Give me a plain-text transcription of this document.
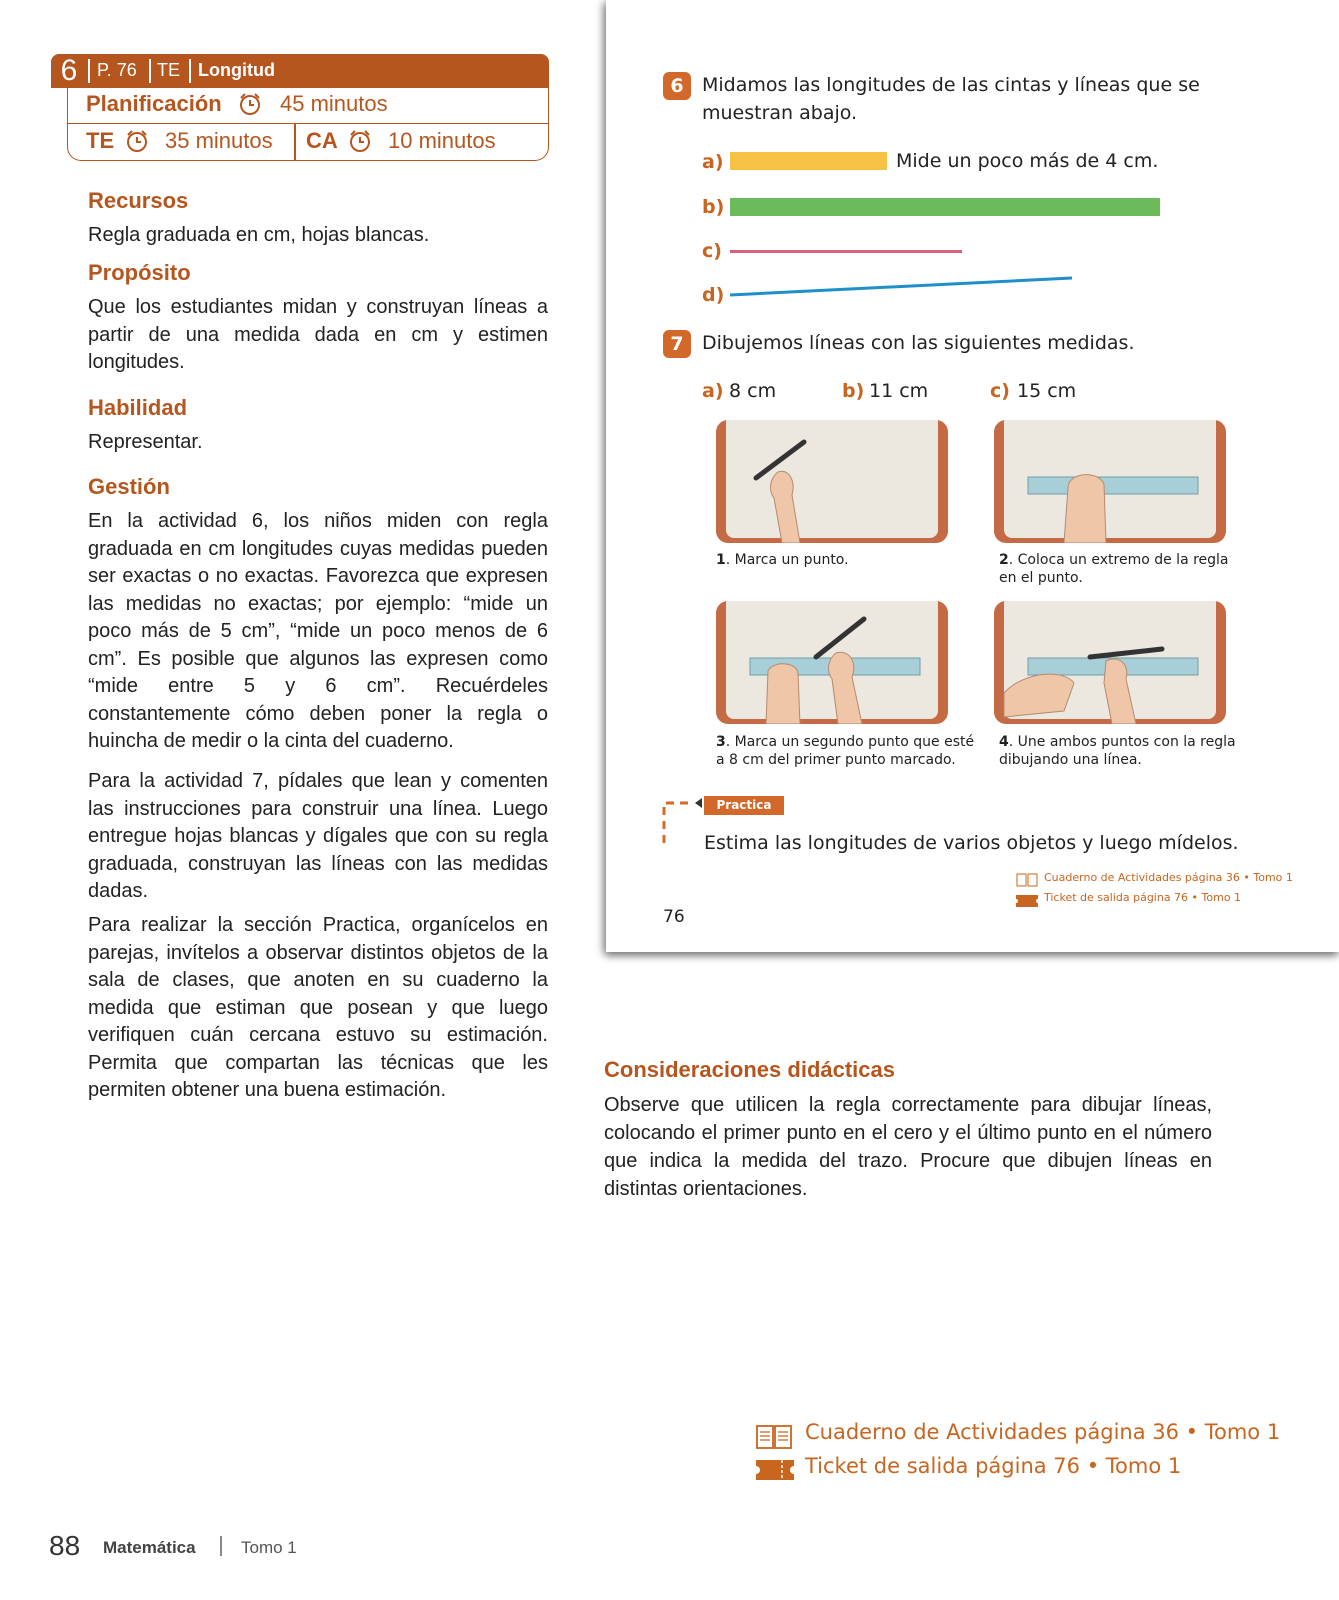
6	P. 76 TE Longitud
Planificación	45 minutos
TE 35 minutos CA 10 minutos
Recursos
Regla graduada en cm, hojas blancas.
Propósito
Que los estudiantes midan y construyan líneas a partir de una medida dada en cm y estimen longitudes.
Habilidad
Representar.
Gestión
En la actividad 6, los niños miden con regla graduada en cm longitudes cuyas medidas pueden ser exactas o no exactas. Favorezca que expresen las medidas no exactas; por ejemplo: “mide un poco más de 5 cm”, “mide un poco menos de 6 cm”. Es posible que algunos las expresen como “mide entre 5 y 6 cm”. Recuérdeles constantemente cómo deben poner la regla o huincha de medir o la cinta del cuaderno.
Para la actividad 7, pídales que lean y comenten las instrucciones para construir una línea. Luego entregue hojas blancas y dígales que con su regla graduada, construyan las líneas con las medidas dadas.
Para realizar la sección Practica, organícelos en parejas, invítelos a observar distintos objetos de la sala de clases, que anoten en su cuaderno la medida que estiman que posean y que luego verifiquen cuán cercana estuvo su estimación. Permita que compartan las técnicas que les permiten obtener una buena estimación.
6 Midamos las longitudes de las cintas y líneas que se
muestran abajo.
a)	Mide un poco más de 4 cm.
b)
c)
d)
7 Dibujemos líneas con las siguientes medidas.
a) 8 cm	b) 11 cm	c) 15 cm
1. Marca un punto.	2. Coloca un extremo de la regla
en el punto.
3. Marca un segundo punto que esté
a 8 cm del primer punto marcado.
4. Une ambos puntos con la regla
dibujando una línea.
Practica
Estima las longitudes de varios objetos y luego mídelos.
Cuaderno de Actividades página 36 • Tomo 1
Ticket de salida página 76 • Tomo 1
76
Consideraciones didácticas
Observe que utilicen la regla correctamente para dibujar líneas, colocando el primer punto en el cero y el último punto en el número que indica la medida del trazo. Procure que dibujen líneas en distintas orientaciones.
Cuaderno de Actividades página 36 • Tomo 1
Ticket de salida página 76 • Tomo 1
88 Matemática	Tomo 1
